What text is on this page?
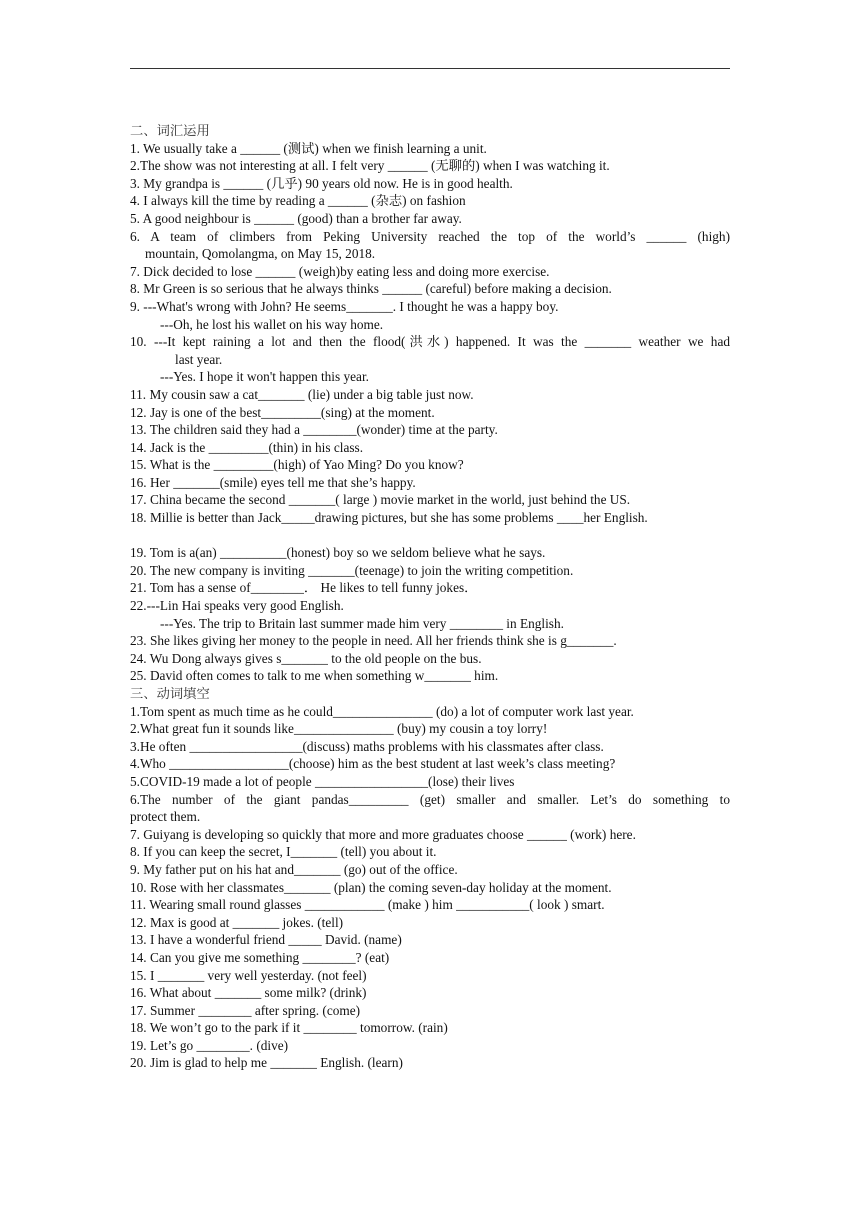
二、词汇运用
1. We usually take a ______ (测试) when we finish learning a unit.
2.The show was not interesting at all. I felt very ______ (无聊的) when I was watching it.
3. My grandpa is ______ (几乎) 90 years old now. He is in good health.
4. I always kill the time by reading a ______ (杂志) on fashion
5. A good neighbour is ______ (good) than a brother far away.
6. A team of climbers from Peking University reached the top of the world’s ______ (high)
mountain, Qomolangma, on May 15, 2018.
7. Dick decided to lose ______ (weigh)by eating less and doing more exercise.
8. Mr Green is so serious that he always thinks ______ (careful) before making a decision.
9. ---What's wrong with John? He seems_______. I thought he was a happy boy.
---Oh, he lost his wallet on his way home.
10. ---It kept raining a lot and then the flood(洪水) happened. It was the _______ weather we had
last year.
---Yes. I hope it won't happen this year.
11. My cousin saw a cat_______ (lie) under a big table just now.
12. Jay is one of the best_________(sing) at the moment.
13. The children said they had a ________(wonder) time at the party.
14. Jack is the _________(thin) in his class.
15. What is the _________(high) of Yao Ming? Do you know?
16. Her _______(smile) eyes tell me that she’s happy.
17. China became the second _______( large ) movie market in the world, just behind the US.
18. Millie is better than Jack_____drawing pictures, but she has some problems ____her English.
19. Tom is a(an) __________(honest) boy so we seldom believe what he says.
20. The new company is inviting _______(teenage) to join the writing competition.
21. Tom has a sense of________． He likes to tell funny jokes．
22.---Lin Hai speaks very good English.
---Yes. The trip to Britain last summer made him very ________ in English.
23. She likes giving her money to the people in need. All her friends think she is g_______.
24. Wu Dong always gives s_______ to the old people on the bus.
25. David often comes to talk to me when something w_______ him.
三、动词填空
1.Tom spent as much time as he could_______________ (do) a lot of computer work last year.
2.What great fun it sounds like_______________ (buy) my cousin a toy lorry!
3.He often _________________(discuss) maths problems with his classmates after class.
4.Who __________________(choose) him as the best student at last week’s class meeting?
5.COVID-19 made a lot of people _________________(lose) their lives
6.The number of the giant pandas_________ (get) smaller and smaller. Let’s do something to
protect them.
7. Guiyang is developing so quickly that more and more graduates choose ______ (work) here.
8. If you can keep the secret, I_______ (tell) you about it.
9. My father put on his hat and_______ (go) out of the office.
10. Rose with her classmates_______ (plan) the coming seven-day holiday at the moment.
11. Wearing small round glasses ____________ (make ) him ___________( look ) smart.
12. Max is good at _______ jokes. (tell)
13. I have a wonderful friend _____ David. (name)
14. Can you give me something ________? (eat)
15. I _______ very well yesterday. (not feel)
16. What about _______ some milk? (drink)
17. Summer ________ after spring. (come)
18. We won’t go to the park if it ________ tomorrow. (rain)
19. Let’s go ________. (dive)
20. Jim is glad to help me _______ English. (learn)
